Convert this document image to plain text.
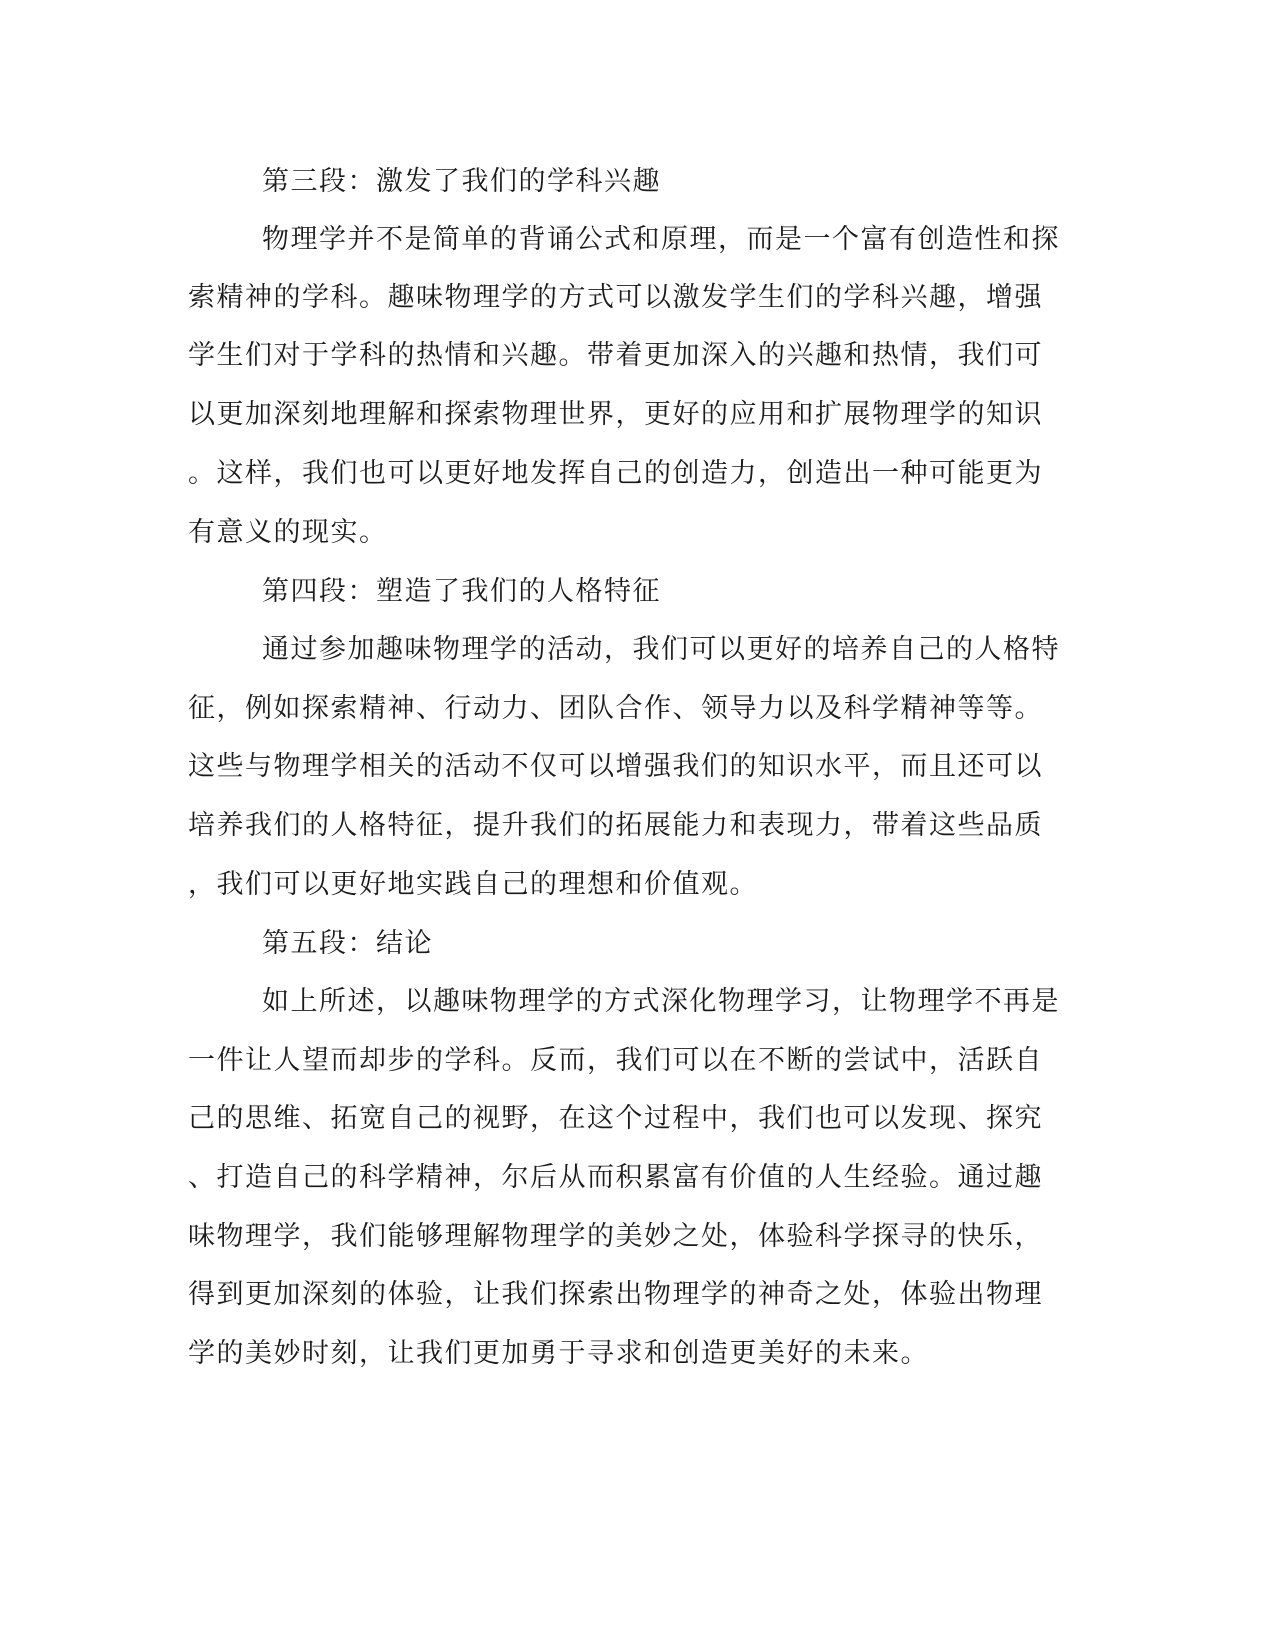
第三段：激发了我们的学科兴趣

物理学并不是简单的背诵公式和原理，而是一个富有创造性和探

索精神的学科。趣味物理学的方式可以激发学生们的学科兴趣，增强

学生们对于学科的热情和兴趣。带着更加深入的兴趣和热情，我们可

以更加深刻地理解和探索物理世界，更好的应用和扩展物理学的知识

。这样，我们也可以更好地发挥自己的创造力，创造出一种可能更为

有意义的现实。

第四段：塑造了我们的人格特征

通过参加趣味物理学的活动，我们可以更好的培养自己的人格特

征，例如探索精神、行动力、团队合作、领导力以及科学精神等等。

这些与物理学相关的活动不仅可以增强我们的知识水平，而且还可以

培养我们的人格特征，提升我们的拓展能力和表现力，带着这些品质

，我们可以更好地实践自己的理想和价值观。

第五段：结论

如上所述，以趣味物理学的方式深化物理学习，让物理学不再是

一件让人望而却步的学科。反而，我们可以在不断的尝试中，活跃自

己的思维、拓宽自己的视野，在这个过程中，我们也可以发现、探究

、打造自己的科学精神，尔后从而积累富有价值的人生经验。通过趣

味物理学，我们能够理解物理学的美妙之处，体验科学探寻的快乐，

得到更加深刻的体验，让我们探索出物理学的神奇之处，体验出物理

学的美妙时刻，让我们更加勇于寻求和创造更美好的未来。
